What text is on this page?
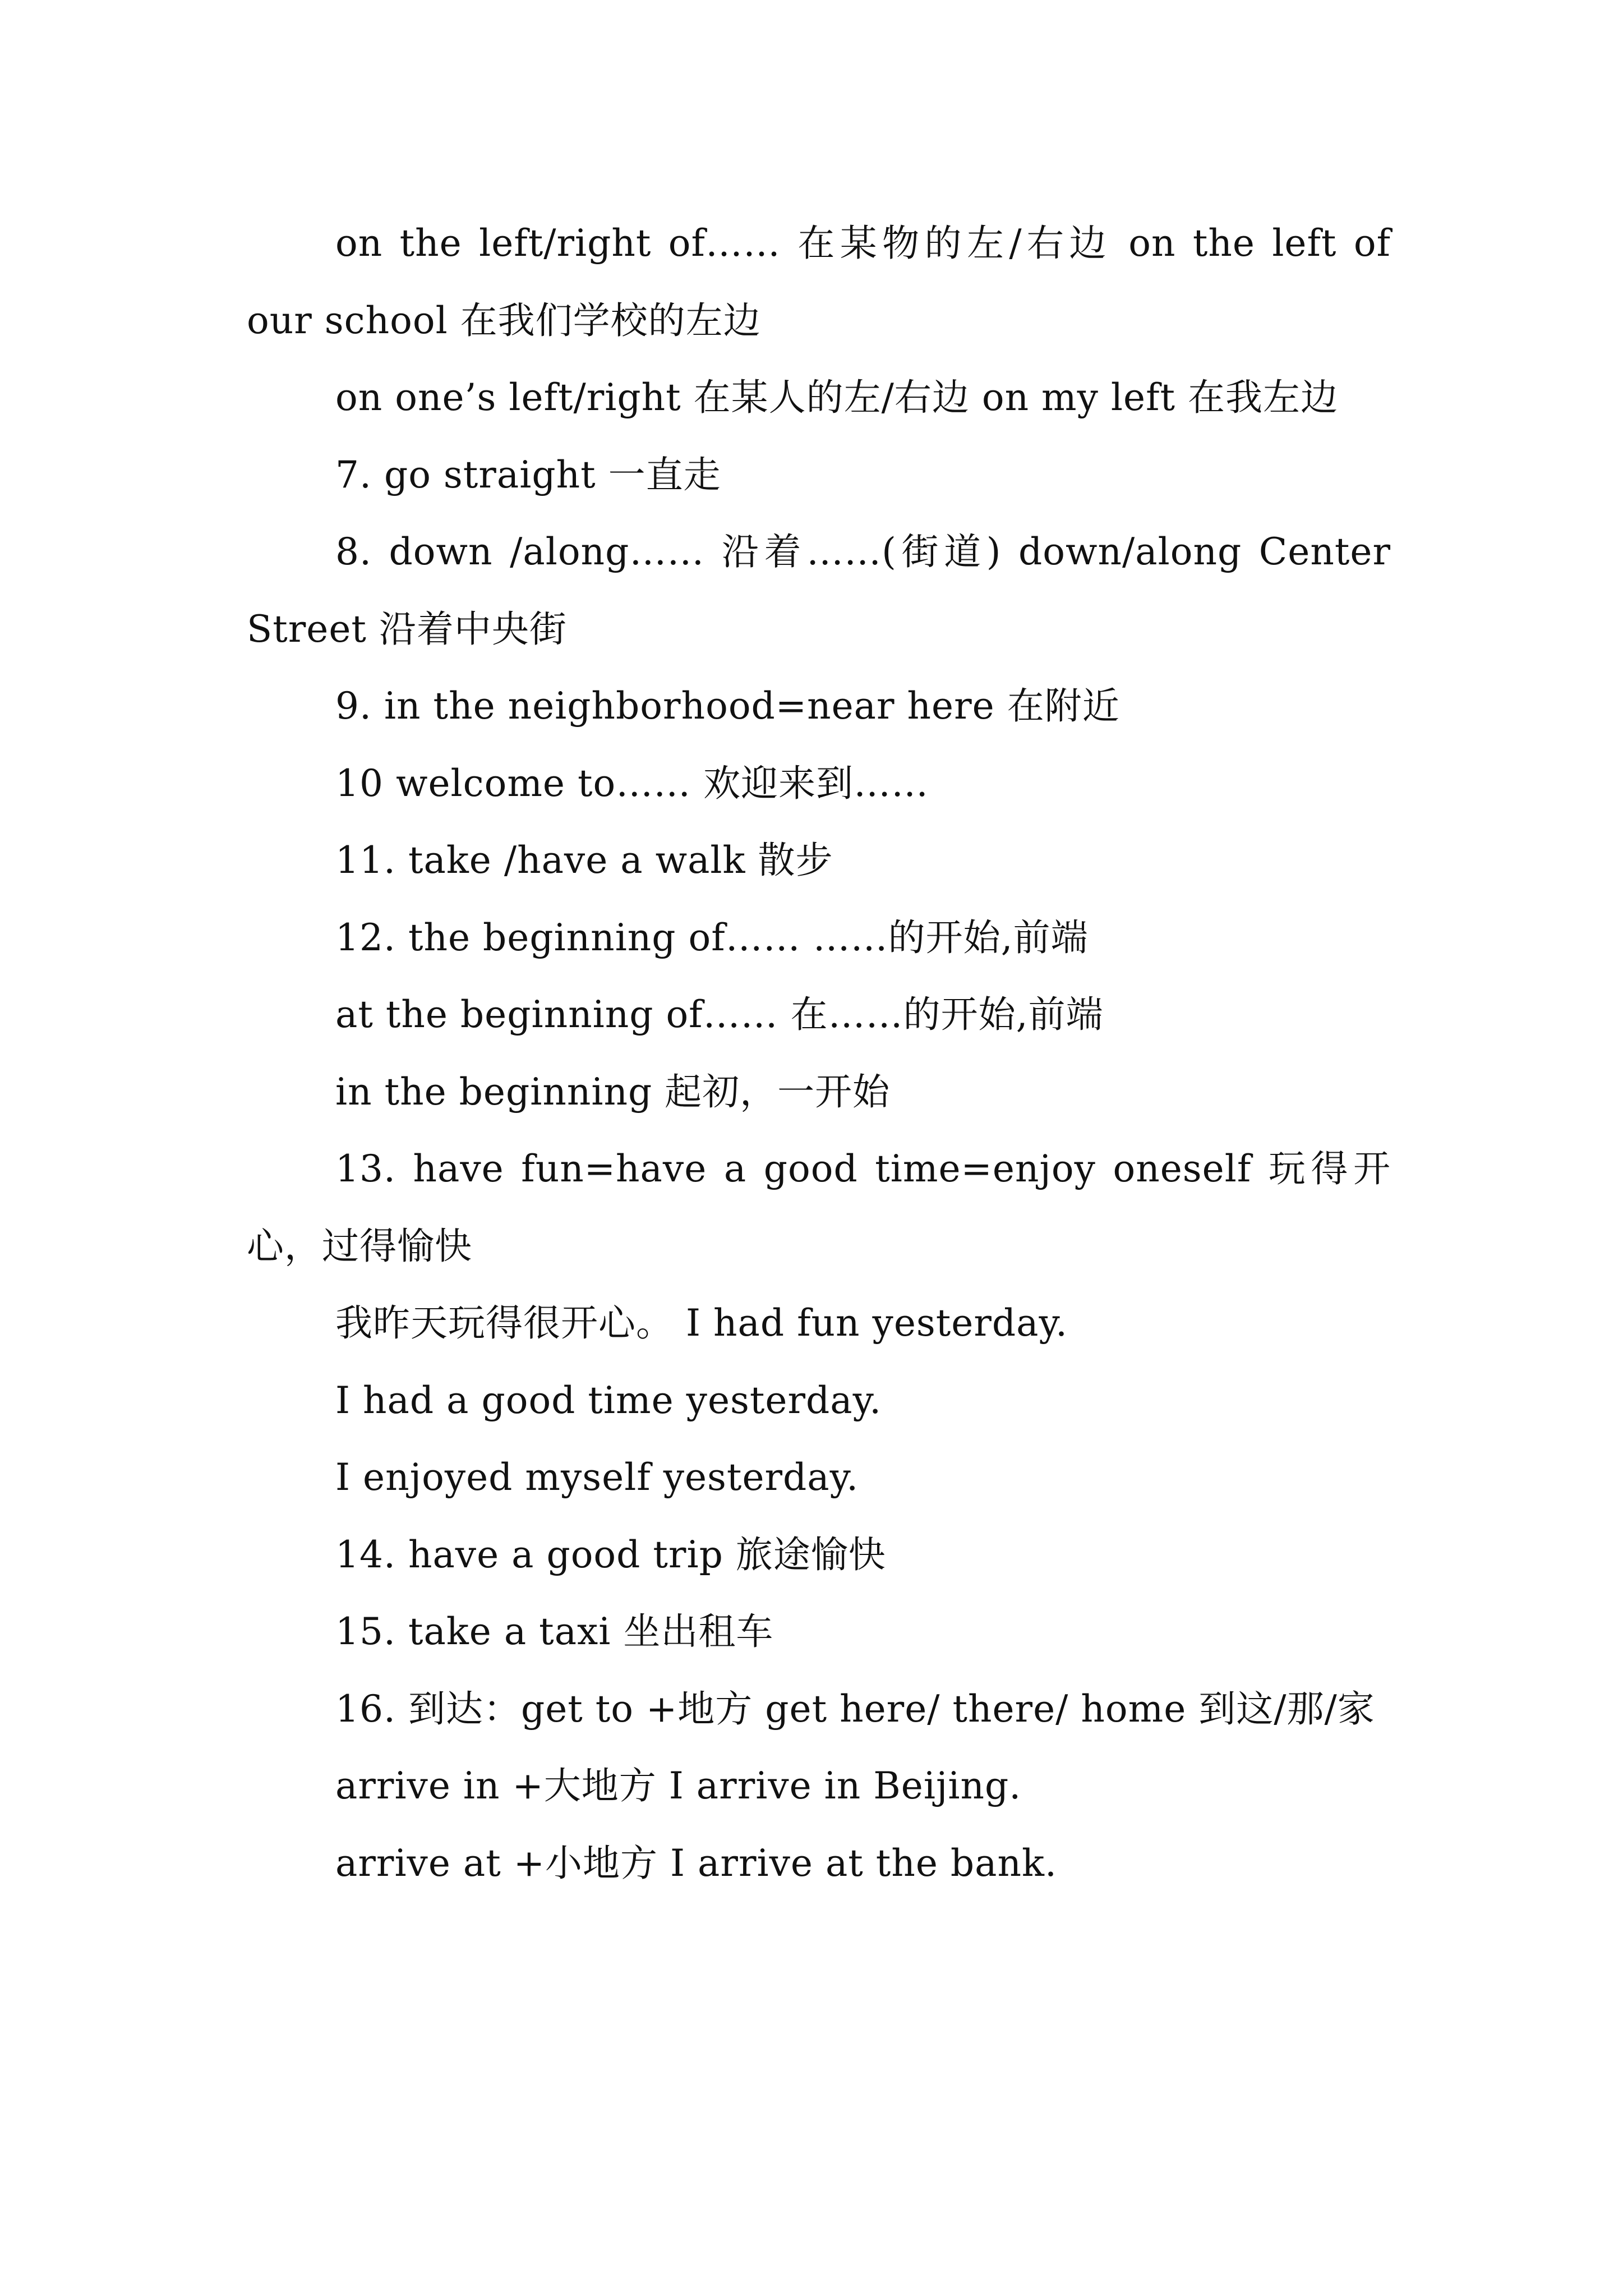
on the left/right of…… 在某物的左/右边 on the left of our school 在我们学校的左边

on one’s left/right 在某人的左/右边 on my left 在我左边

7. go straight 一直走

8. down /along…… 沿着……(街道) down/along Center Street 沿着中央街

9. in the neighborhood=near here 在附近

10 welcome to…… 欢迎来到……

11. take /have a walk 散步

12. the beginning of…… ……的开始,前端

at the beginning of…… 在……的开始,前端

in the beginning 起初，一开始

13. have fun=have a good time=enjoy oneself 玩得开心，过得愉快

我昨天玩得很开心。 I had fun yesterday.

I had a good time yesterday.

I enjoyed myself yesterday.

14. have a good trip 旅途愉快

15. take a taxi 坐出租车

16. 到达：get to +地方 get here/ there/ home 到这/那/家

arrive in +大地方 I arrive in Beijing.

arrive at +小地方 I arrive at the bank.
